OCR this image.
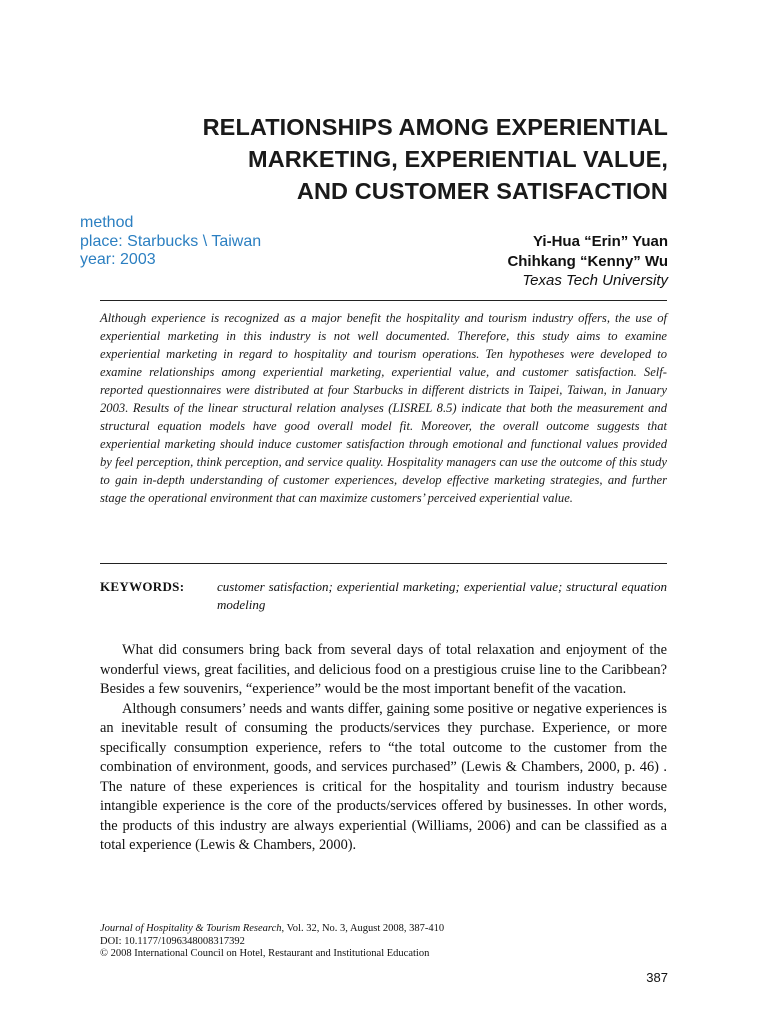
RELATIONSHIPS AMONG EXPERIENTIAL
MARKETING, EXPERIENTIAL VALUE,
AND CUSTOMER SATISFACTION
method
place: Starbucks \ Taiwan
year: 2003
Yi-Hua “Erin” Yuan
Chihkang “Kenny” Wu
Texas Tech University

Although experience is recognized as a major benefit the hospitality and tourism industry offers, the use of experiential marketing in this industry is not well documented. Therefore, this study aims to examine experiential marketing in regard to hospitality and tourism operations. Ten hypotheses were developed to examine relationships among experiential marketing, experiential value, and customer satisfaction. Self-reported questionnaires were distributed at four Starbucks in different districts in Taipei, Taiwan, in January 2003. Results of the linear structural relation analyses (LISREL 8.5) indicate that both the measurement and structural equation models have good overall model fit. Moreover, the overall outcome suggests that experiential marketing should induce customer satisfaction through emotional and functional values provided by feel perception, think perception, and service quality. Hospitality managers can use the outcome of this study to gain in-depth understanding of customer experiences, develop effective marketing strategies, and further stage the operational environment that can maximize customers’ perceived experiential value.

KEYWORDS:	customer satisfaction; experiential marketing; experiential value; structural equation modeling

What did consumers bring back from several days of total relaxation and enjoyment of the wonderful views, great facilities, and delicious food on a prestigious cruise line to the Caribbean? Besides a few souvenirs, “experience” would be the most important benefit of the vacation.

Although consumers’ needs and wants differ, gaining some positive or negative experiences is an inevitable result of consuming the products/services they purchase. Experience, or more specifically consumption experience, refers to “the total outcome to the customer from the combination of environment, goods, and services purchased” (Lewis & Chambers, 2000, p. 46) . The nature of these experiences is critical for the hospitality and tourism industry because intangible experience is the core of the products/services offered by businesses. In other words, the products of this industry are always experiential (Williams, 2006) and can be classified as a total experience (Lewis & Chambers, 2000).

Journal of Hospitality & Tourism Research, Vol. 32, No. 3, August 2008, 387-410
DOI: 10.1177/1096348008317392
© 2008 International Council on Hotel, Restaurant and Institutional Education
387
